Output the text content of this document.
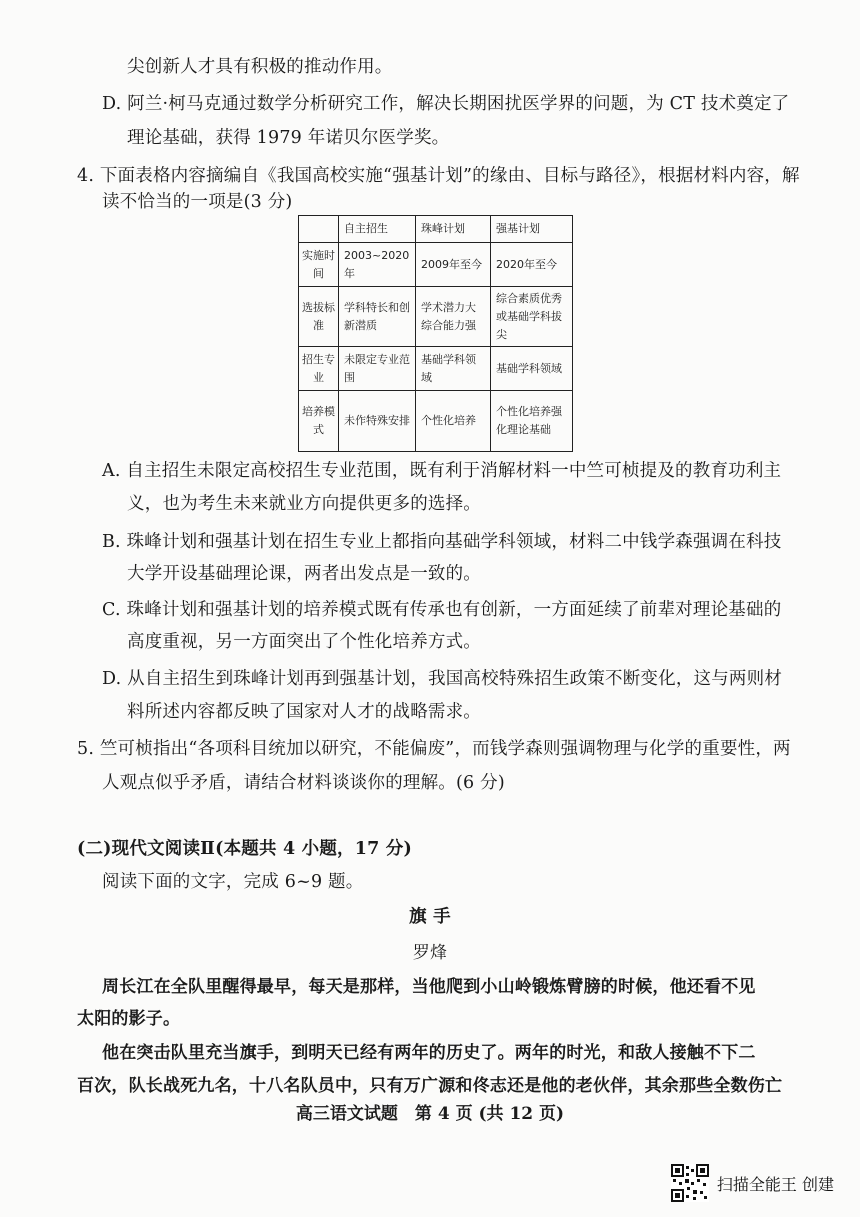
尖创新人才具有积极的推动作用。
D. 阿兰·柯马克通过数学分析研究工作，解决长期困扰医学界的问题，为 CT 技术奠定了
理论基础，获得 1979 年诺贝尔医学奖。
4. 下面表格内容摘编自《我国高校实施“强基计划”的缘由、目标与路径》，根据材料内容，解
读不恰当的一项是(3 分)
	自主招生	珠峰计划	强基计划
实施时间	2003~2020年	2009年至今	2020年至今
选拔标准	学科特长和创新潜质	学术潜力大综合能力强	综合素质优秀或基础学科拔尖
招生专业	未限定专业范围	基础学科领域	基础学科领域
培养模式	未作特殊安排	个性化培养	个性化培养强化理论基础
A. 自主招生未限定高校招生专业范围，既有利于消解材料一中竺可桢提及的教育功利主
义，也为考生未来就业方向提供更多的选择。
B. 珠峰计划和强基计划在招生专业上都指向基础学科领域，材料二中钱学森强调在科技
大学开设基础理论课，两者出发点是一致的。
C. 珠峰计划和强基计划的培养模式既有传承也有创新，一方面延续了前辈对理论基础的
高度重视，另一方面突出了个性化培养方式。
D. 从自主招生到珠峰计划再到强基计划，我国高校特殊招生政策不断变化，这与两则材
料所述内容都反映了国家对人才的战略需求。
5. 竺可桢指出“各项科目统加以研究，不能偏废”，而钱学森则强调物理与化学的重要性，两
人观点似乎矛盾，请结合材料谈谈你的理解。(6 分)
(二)现代文阅读Ⅱ(本题共 4 小题，17 分)
阅读下面的文字，完成 6~9 题。
旗 手
罗烽
周长江在全队里醒得最早，每天是那样，当他爬到小山岭锻炼臂膀的时候，他还看不见
太阳的影子。
他在突击队里充当旗手，到明天已经有两年的历史了。两年的时光，和敌人接触不下二
百次，队长战死九名，十八名队员中，只有万广源和佟志还是他的老伙伴，其余那些全数伤亡
高三语文试题　第 4 页 (共 12 页)
扫描全能王 创建
